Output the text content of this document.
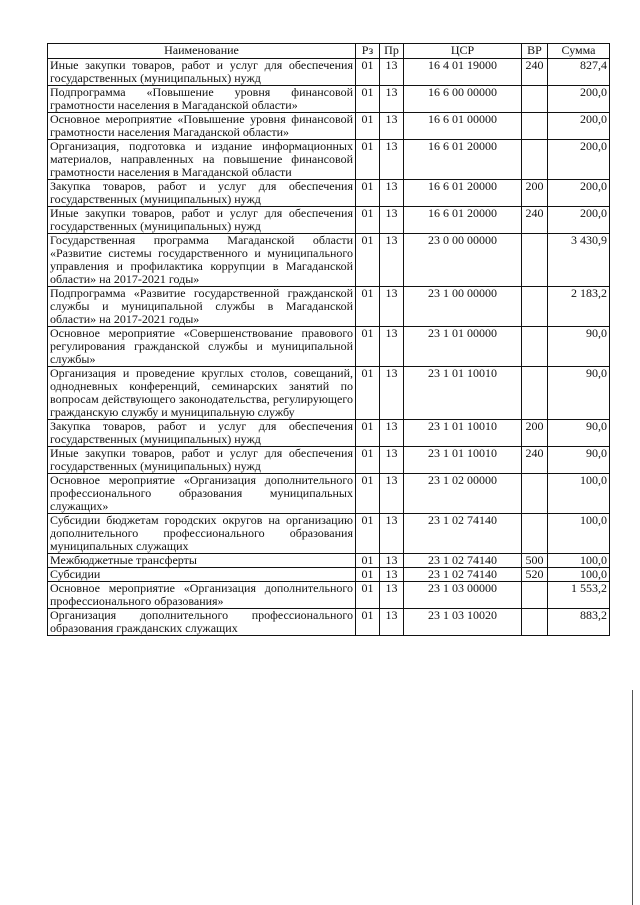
Наименование	Рз	Пр	ЦСР	ВР	Сумма
Иные закупки товаров, работ и услуг для обеспечения государственных (муниципальных) нужд	01	13	16 4 01 19000	240	827,4
Подпрограмма «Повышение уровня финансовой грамотности населения в Магаданской области»	01	13	16 6 00 00000		200,0
Основное мероприятие «Повышение уровня финансовой грамотности населения Магаданской области»	01	13	16 6 01 00000		200,0
Организация, подготовка и издание информационных материалов, направленных на повышение финансовой грамотности населения в Магаданской области	01	13	16 6 01 20000		200,0
Закупка товаров, работ и услуг для обеспечения государственных (муниципальных) нужд	01	13	16 6 01 20000	200	200,0
Иные закупки товаров, работ и услуг для обеспечения государственных (муниципальных) нужд	01	13	16 6 01 20000	240	200,0
Государственная программа Магаданской области «Развитие системы государственного и муниципального управления и профилактика коррупции в Магаданской области» на 2017-2021 годы»	01	13	23 0 00 00000		3 430,9
Подпрограмма «Развитие государственной гражданской службы и муниципальной службы в Магаданской области» на 2017-2021 годы»	01	13	23 1 00 00000		2 183,2
Основное мероприятие «Совершенствование правового регулирования гражданской службы и муниципальной службы»	01	13	23 1 01 00000		90,0
Организация и проведение круглых столов, совещаний, однодневных конференций, семинарских занятий по вопросам действующего законодательства, регулирующего гражданскую службу и муниципальную службу	01	13	23 1 01 10010		90,0
Закупка товаров, работ и услуг для обеспечения государственных (муниципальных) нужд	01	13	23 1 01 10010	200	90,0
Иные закупки товаров, работ и услуг для обеспечения государственных (муниципальных) нужд	01	13	23 1 01 10010	240	90,0
Основное мероприятие «Организация дополнительного профессионального образования муниципальных служащих»	01	13	23 1 02 00000		100,0
Субсидии бюджетам городских округов на организацию дополнительного профессионального образования муниципальных служащих	01	13	23 1 02 74140		100,0
Межбюджетные трансферты	01	13	23 1 02 74140	500	100,0
Субсидии	01	13	23 1 02 74140	520	100,0
Основное мероприятие «Организация дополнительного профессионального образования»	01	13	23 1 03 00000		1 553,2
Организация дополнительного профессионального образования гражданских служащих	01	13	23 1 03 10020		883,2
